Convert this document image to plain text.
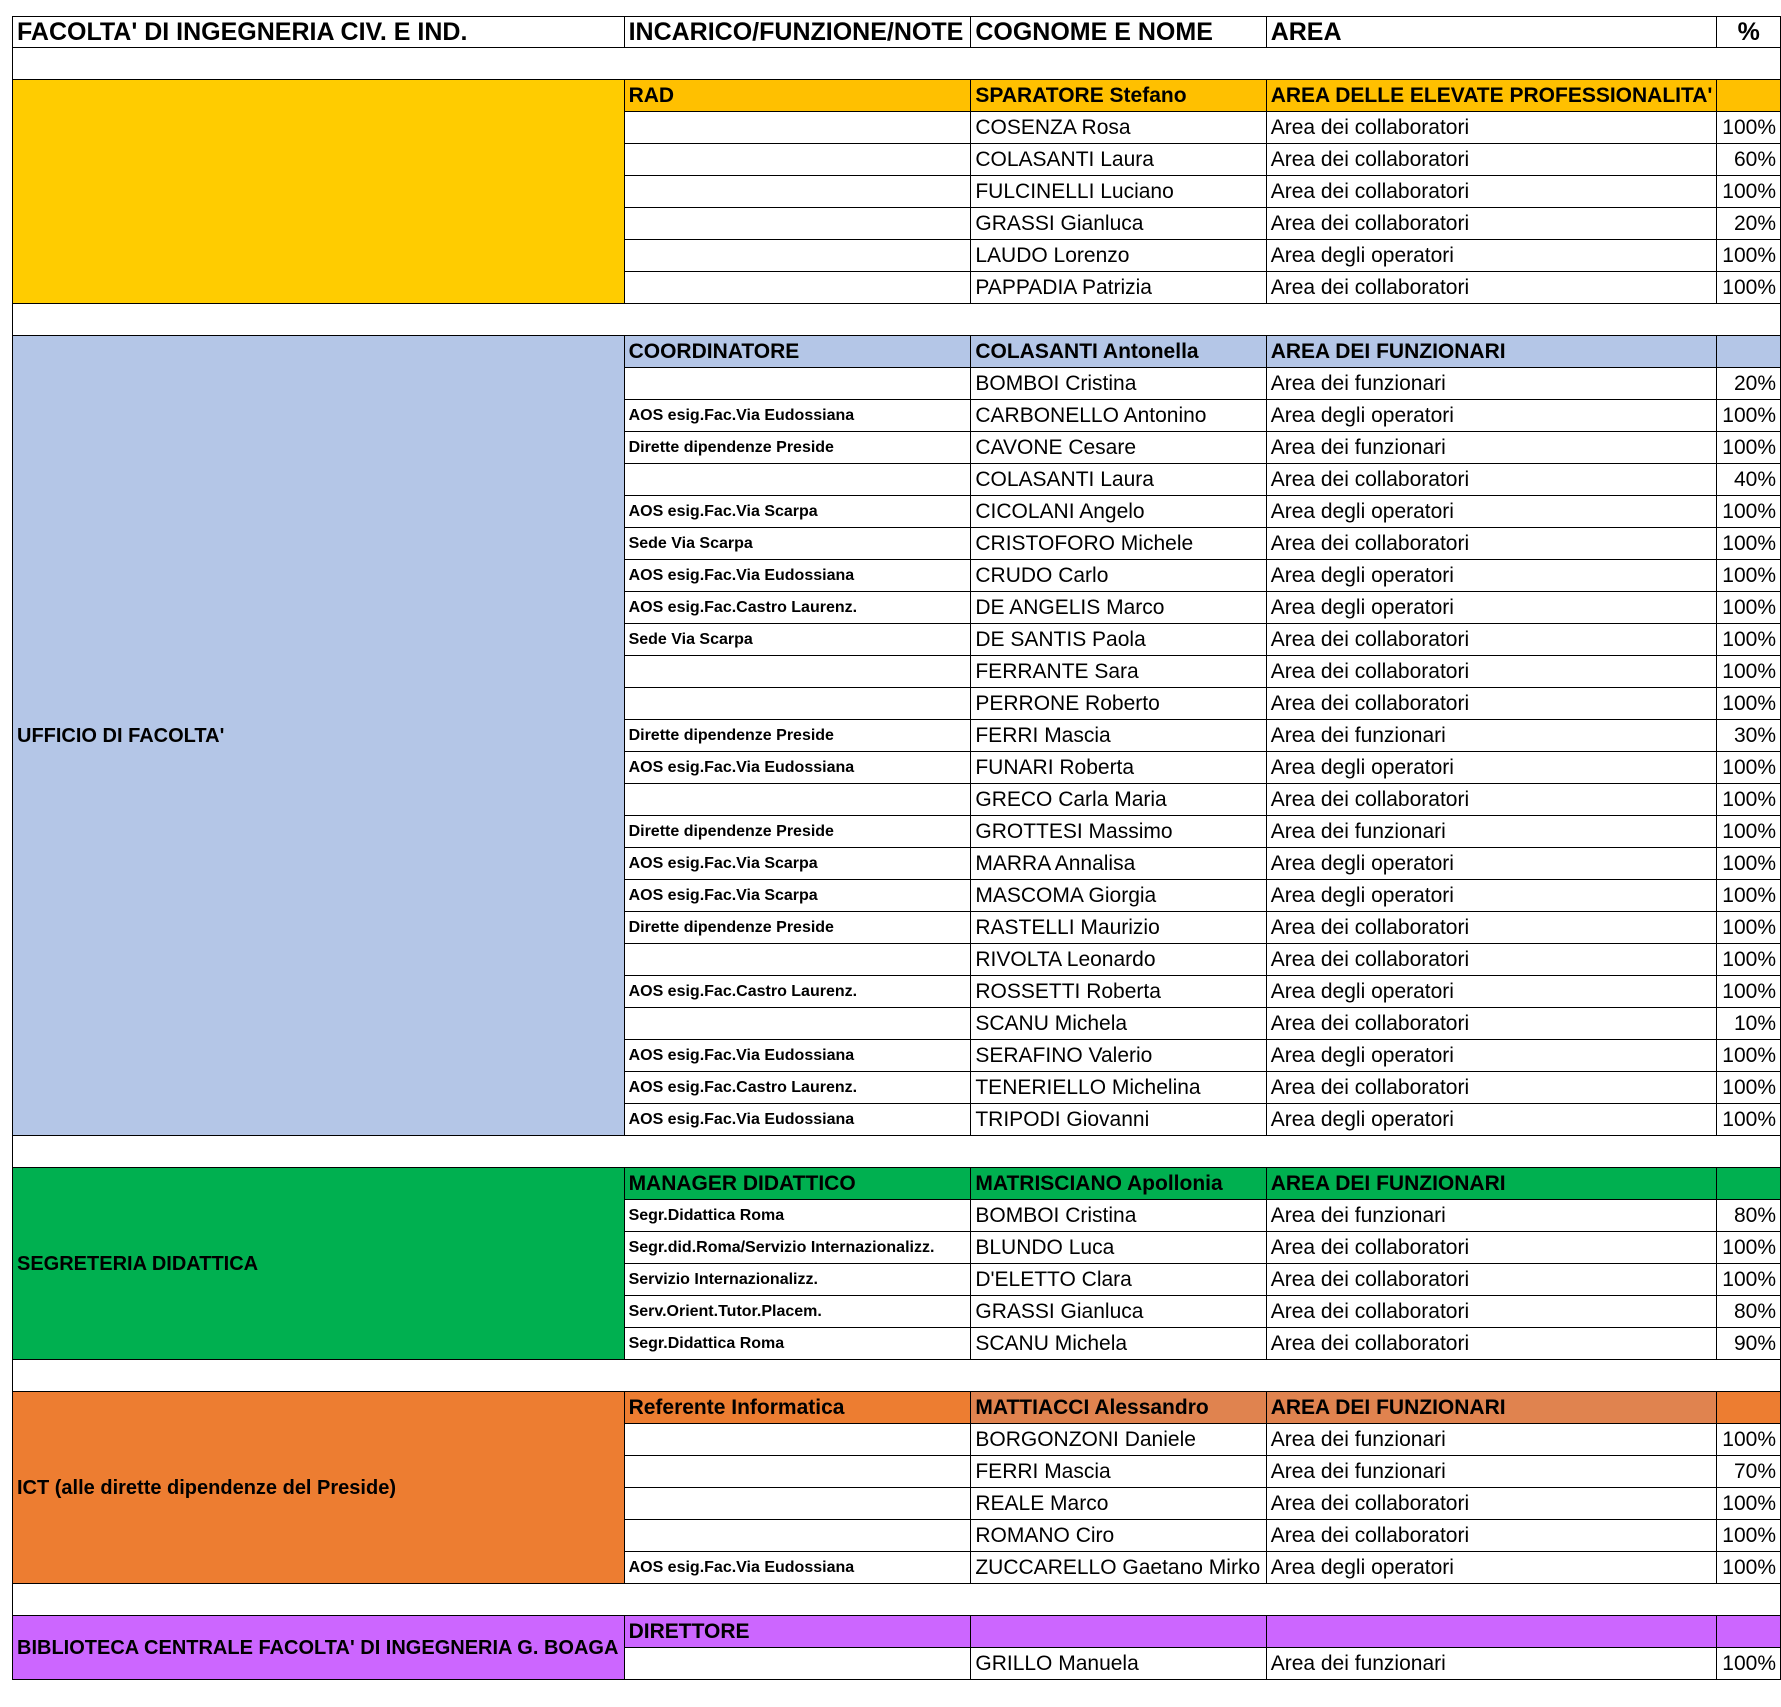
FACOLTA' DI INGEGNERIA CIV. E IND.	INCARICO/FUNZIONE/NOTE	COGNOME E NOME	AREA	%

	RAD	SPARATORE Stefano	AREA DELLE ELEVATE PROFESSIONALITA'	
		COSENZA Rosa	Area dei collaboratori	100%
		COLASANTI Laura	Area dei collaboratori	60%
		FULCINELLI Luciano	Area dei collaboratori	100%
		GRASSI Gianluca	Area dei collaboratori	20%
		LAUDO Lorenzo	Area degli operatori	100%
		PAPPADIA Patrizia	Area dei collaboratori	100%

UFFICIO DI FACOLTA'	COORDINATORE	COLASANTI Antonella	AREA DEI FUNZIONARI	
		BOMBOI Cristina	Area dei funzionari	20%
	AOS esig.Fac.Via Eudossiana	CARBONELLO Antonino	Area degli operatori	100%
	Dirette dipendenze Preside	CAVONE Cesare	Area dei funzionari	100%
		COLASANTI Laura	Area dei collaboratori	40%
	AOS esig.Fac.Via Scarpa	CICOLANI Angelo	Area degli operatori	100%
	Sede Via Scarpa	CRISTOFORO Michele	Area dei collaboratori	100%
	AOS esig.Fac.Via Eudossiana	CRUDO Carlo	Area degli operatori	100%
	AOS esig.Fac.Castro Laurenz.	DE ANGELIS Marco	Area degli operatori	100%
	Sede Via Scarpa	DE SANTIS Paola	Area dei collaboratori	100%
		FERRANTE Sara	Area dei collaboratori	100%
		PERRONE Roberto	Area dei collaboratori	100%
	Dirette dipendenze Preside	FERRI Mascia	Area dei funzionari	30%
	AOS esig.Fac.Via Eudossiana	FUNARI Roberta	Area degli operatori	100%
		GRECO Carla Maria	Area dei collaboratori	100%
	Dirette dipendenze Preside	GROTTESI Massimo	Area dei funzionari	100%
	AOS esig.Fac.Via Scarpa	MARRA Annalisa	Area degli operatori	100%
	AOS esig.Fac.Via Scarpa	MASCOMA Giorgia	Area degli operatori	100%
	Dirette dipendenze Preside	RASTELLI Maurizio	Area dei collaboratori	100%
		RIVOLTA Leonardo	Area dei collaboratori	100%
	AOS esig.Fac.Castro Laurenz.	ROSSETTI Roberta	Area degli operatori	100%
		SCANU Michela	Area dei collaboratori	10%
	AOS esig.Fac.Via Eudossiana	SERAFINO Valerio	Area degli operatori	100%
	AOS esig.Fac.Castro Laurenz.	TENERIELLO Michelina	Area dei collaboratori	100%
	AOS esig.Fac.Via Eudossiana	TRIPODI Giovanni	Area degli operatori	100%

SEGRETERIA DIDATTICA	MANAGER DIDATTICO	MATRISCIANO Apollonia	AREA DEI FUNZIONARI	
	Segr.Didattica Roma	BOMBOI Cristina	Area dei funzionari	80%
	Segr.did.Roma/Servizio Internazionalizz.	BLUNDO Luca	Area dei collaboratori	100%
	Servizio Internazionalizz.	D'ELETTO Clara	Area dei collaboratori	100%
	Serv.Orient.Tutor.Placem.	GRASSI Gianluca	Area dei collaboratori	80%
	Segr.Didattica Roma	SCANU Michela	Area dei collaboratori	90%

ICT (alle dirette dipendenze del Preside)	Referente Informatica	MATTIACCI Alessandro	AREA DEI FUNZIONARI	
		BORGONZONI Daniele	Area dei funzionari	100%
		FERRI Mascia	Area dei funzionari	70%
		REALE Marco	Area dei collaboratori	100%
		ROMANO Ciro	Area dei collaboratori	100%
	AOS esig.Fac.Via Eudossiana	ZUCCARELLO Gaetano Mirko	Area degli operatori	100%

BIBLIOTECA CENTRALE FACOLTA' DI INGEGNERIA G. BOAGA	DIRETTORE			
		GRILLO Manuela	Area dei funzionari	100%
